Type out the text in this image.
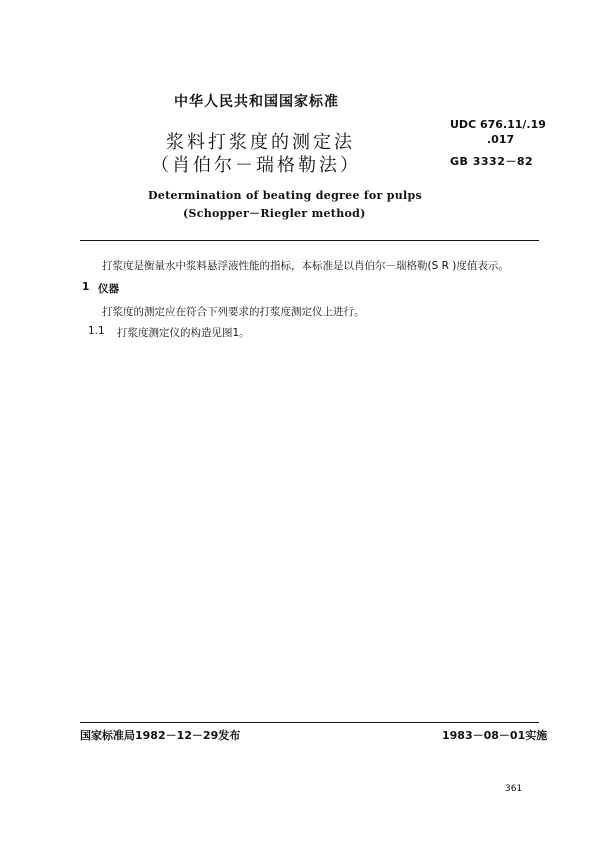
中华人民共和国国家标准
浆料打浆度的测定法
（肖伯尔－瑞格勒法）
Determination of beating degree for pulps
(Schopper－Riegler method)
UDC 676.11/.19
.017
GB 3332－82
打浆度是衡量水中浆料悬浮液性能的指标，本标准是以肖伯尔－瑞格勒(S R )度值表示。
1 仪器
打浆度的测定应在符合下列要求的打浆度测定仪上进行。
1.1 打浆度测定仪的构造见图1。
国家标准局1982－12－29发布	1983－08－01实施
361
